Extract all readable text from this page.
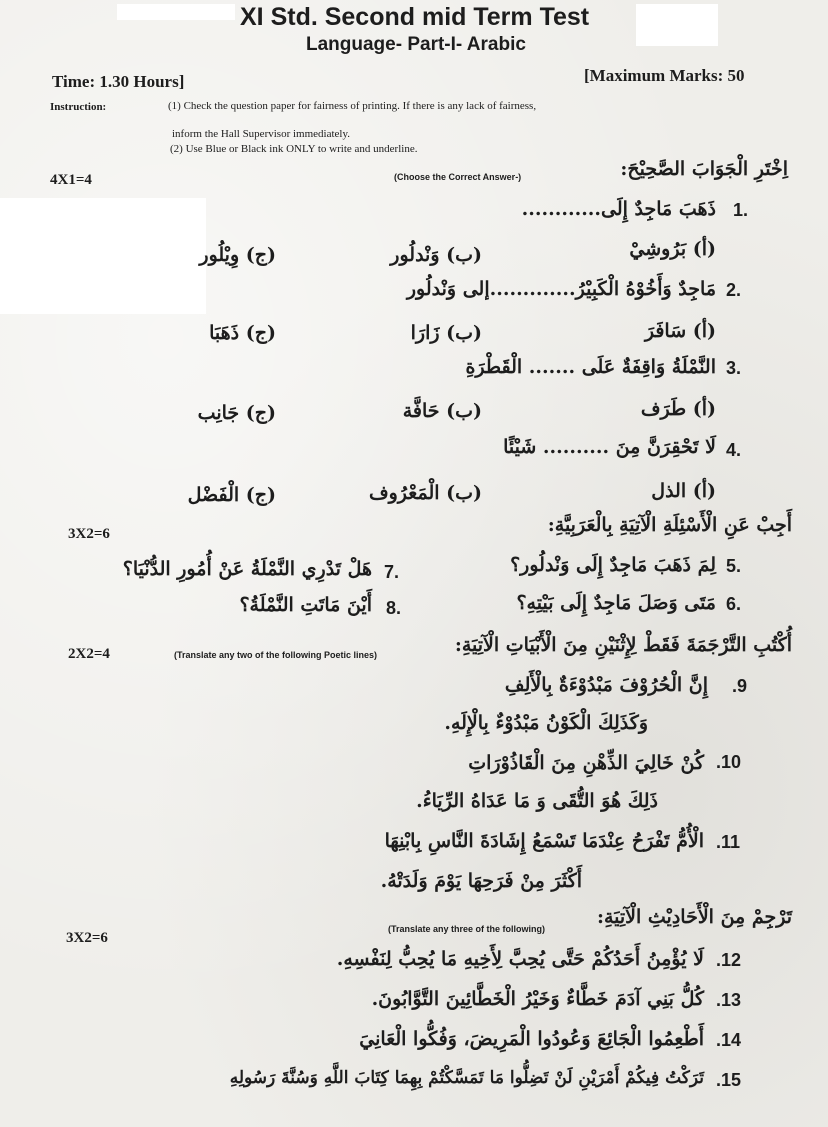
XI Std. Second mid Term Test
Language- Part-I- Arabic
Time: 1.30 Hours]	[Maximum Marks: 50
Instruction:	(1) Check the question paper for fairness of printing. If there is any lack of fairness,
inform the Hall Supervisor immediately.
(2) Use Blue or Black ink ONLY to write and underline.
4X1=4	(Choose the Correct Answer-)	اِخْتَرِ الْجَوَابَ الصَّحِيْحَ:
1.
ذَهَبَ مَاجِدٌ إِلَى............
(أ) بَرُوشِيْ
(ب) وَنْدلُور
(ج) وِيْلُور
2.
مَاجِدٌ وَأَخُوْهُ الْكَبِيْرُ.............إلى وَنْدلُور
(أ) سَافَرَ
(ب) زَارَا
(ج) ذَهَبَا
3.
النَّمْلَةُ وَاقِفَةٌ عَلَى ....... الْقَطْرَةِ
(أ) طَرَف
(ب) حَافَّة
(ج) جَانِب
4.
لَا تَحْقِرَنَّ مِنَ .......... شَيْئًا
(أ) الذل
(ب) الْمَعْرُوف
(ج) الْفَضْل
3X2=6	أَجِبْ عَنِ الْأَسْئِلَةِ الْآتِيَةِ بِالْعَرَبِيَّةِ:
5.
لِمَ ذَهَبَ مَاجِدٌ إِلَى وَنْدلُور؟
7.
هَلْ تَدْرِي النَّمْلَةُ عَنْ أُمُورِ الدُّنْيَا؟
6.
مَتَى وَصَلَ مَاجِدٌ إِلَى بَيْتِهِ؟
8.
أَيْنَ مَاتَتِ النَّمْلَةُ؟
2X2=4	(Translate any two of the following Poetic lines)	أُكْتُبِ التَّرْجَمَةَ فَقَطْ لِإِثْنَيْنِ مِنَ الْأَبْيَاتِ الْآتِيَةِ:
.9
إِنَّ الْحُرُوْفَ مَبْدُوْءَةٌ بِالْأَلِفِ
وَكَذَلِكَ الْكَوْنُ مَبْدُوْءٌ بِالْإِلَهِ.
.10
كُنْ خَالِيَ الذِّهْنِ مِنَ الْقَاذُوْرَاتِ
ذَلِكَ هُوَ التُّقَى وَ مَا عَدَاهُ الرِّيَاءُ.
.11
الْأُمُّ تَفْرَحُ عِنْدَمَا تَسْمَعُ إِشَادَةَ النَّاسِ بِابْنِهَا
أَكْثَرَ مِنْ فَرَحِهَا يَوْمَ وَلَدَتْهُ.
3X2=6
(Translate any three of the following)
تَرْجِمْ مِنَ الْأَحَادِيْثِ الْآتِيَةِ:
.12
لَا يُؤْمِنُ أَحَدُكُمْ حَتَّى يُحِبَّ لِأَخِيهِ مَا يُحِبُّ لِنَفْسِهِ.
.13
كُلُّ بَنِي آدَمَ خَطَّاءٌ وَخَيْرُ الْخَطَّائِينَ التَّوَّابُونَ.
.14
أَطْعِمُوا الْجَائِعَ وَعُودُوا الْمَرِيضَ، وَفُكُّوا الْعَانِيَ
.15
تَرَكْتُ فِيكُمْ أَمْرَيْنِ لَنْ تَضِلُّوا مَا تَمَسَّكْتُمْ بِهِمَا كِتَابَ اللَّهِ وَسُنَّةَ رَسُولِهِ
